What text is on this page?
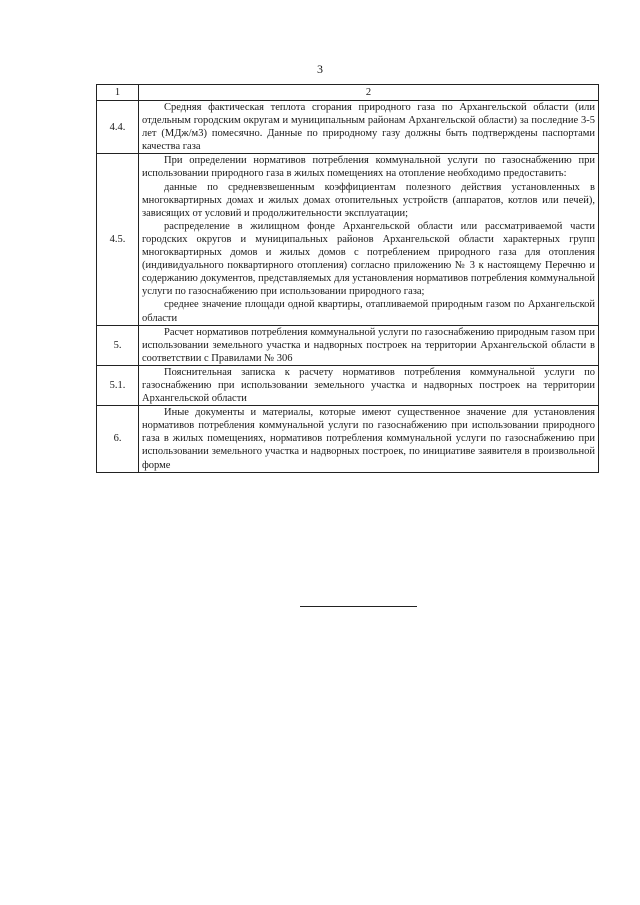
3
1	2
4.4.	Средняя фактическая теплота сгорания природного газа по Архангельской области (или отдельным городским округам и муниципальным районам Архангельской области) за последние 3-5 лет (МДж/м3) помесячно. Данные по природному газу должны быть подтверждены паспортами качества газа

4.5.	При определении нормативов потребления коммунальной услуги по газоснабжению при использовании природного газа в жилых помещениях на отопление необходимо предоставить:
данные по средневзвешенным коэффициентам полезного действия установленных в многоквартирных домах и жилых домах отопительных устройств (аппаратов, котлов или печей), зависящих от условий и продолжительности эксплуатации;
распределение в жилищном фонде Архангельской области или рассматриваемой части городских округов и муниципальных районов Архангельской области характерных групп многоквартирных домов и жилых домов с потреблением природного газа для отопления (индивидуального поквартирного отопления) согласно приложению № 3 к настоящему Перечню и содержанию документов, представляемых для установления нормативов потребления коммунальной услуги по газоснабжению при использовании природного газа;
среднее значение площади одной квартиры, отапливаемой природным газом по Архангельской области

5.	Расчет нормативов потребления коммунальной услуги по газоснабжению природным газом при использовании земельного участка и надворных построек на территории Архангельской области в соответствии с Правилами № 306

5.1.	Пояснительная записка к расчету нормативов потребления коммунальной услуги по газоснабжению при использовании земельного участка и надворных построек на территории Архангельской области

6.	Иные документы и материалы, которые имеют существенное значение для установления нормативов потребления коммунальной услуги по газоснабжению при использовании природного газа в жилых помещениях, нормативов потребления коммунальной услуги по газоснабжению при использовании земельного участка и надворных построек, по инициативе заявителя в произвольной форме
